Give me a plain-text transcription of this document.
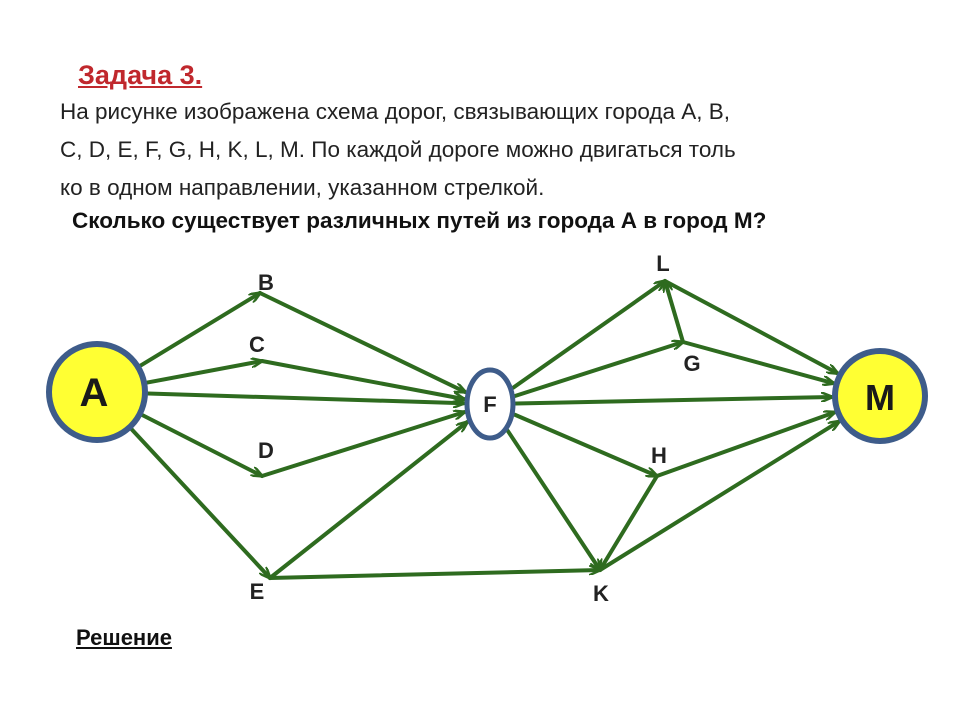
Задача 3.

На рисунке изображена схема дорог, связывающих города А, В,
С, D, E, F, G, H, K, L, M. По каждой дороге можно двигаться толь
ко в одном направлении, указанном стрелкой.

Сколько существует различных путей из города А в город М?

А	M
F
B
C
D
E
L
G
H
K
Решение
